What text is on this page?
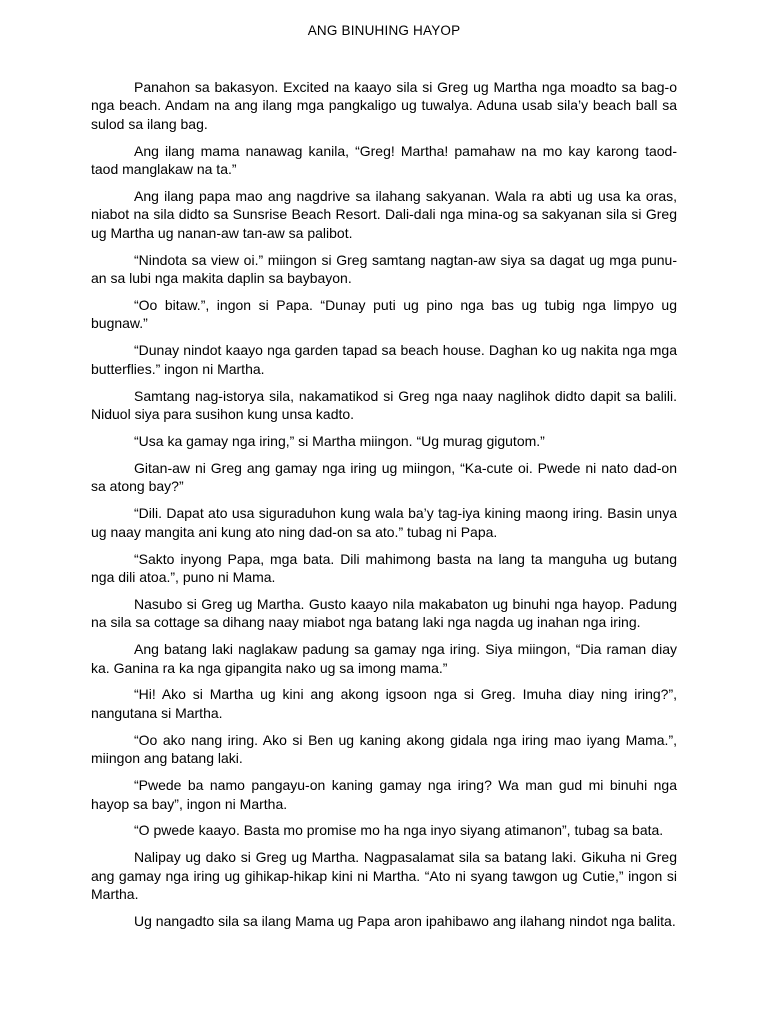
ANG BINUHING HAYOP

Panahon sa bakasyon. Excited na kaayo sila si Greg ug Martha nga moadto sa bag-o nga beach. Andam na ang ilang mga pangkaligo ug tuwalya. Aduna usab sila’y beach ball sa sulod sa ilang bag.

Ang ilang mama nanawag kanila, “Greg! Martha! pamahaw na mo kay karong taod-taod manglakaw na ta.”

Ang ilang papa mao ang nagdrive sa ilahang sakyanan. Wala ra abti ug usa ka oras, niabot na sila didto sa Sunsrise Beach Resort. Dali-dali nga mina-og sa sakyanan sila si Greg ug Martha ug nanan-aw tan-aw sa palibot.

“Nindota sa view oi.” miingon si Greg samtang nagtan-aw siya sa dagat ug mga punu-an sa lubi nga makita daplin sa baybayon.

“Oo bitaw.”, ingon si Papa. “Dunay puti ug pino nga bas ug tubig nga limpyo ug bugnaw.”

“Dunay nindot kaayo nga garden tapad sa beach house. Daghan ko ug nakita nga mga butterflies.” ingon ni Martha.

Samtang nag-istorya sila, nakamatikod si Greg nga naay naglihok didto dapit sa balili. Niduol siya para susihon kung unsa kadto.

“Usa ka gamay nga iring,” si Martha miingon. “Ug murag gigutom.”

Gitan-aw ni Greg ang gamay nga iring ug miingon, “Ka-cute oi. Pwede ni nato dad-on sa atong bay?”

“Dili. Dapat ato usa siguraduhon kung wala ba’y tag-iya kining maong iring. Basin unya ug naay mangita ani kung ato ning dad-on sa ato.” tubag ni Papa.

“Sakto inyong Papa, mga bata. Dili mahimong basta na lang ta manguha ug butang nga dili atoa.”, puno ni Mama.

Nasubo si Greg ug Martha. Gusto kaayo nila makabaton ug binuhi nga hayop. Padung na sila sa cottage sa dihang naay miabot nga batang laki nga nagda ug inahan nga iring.

Ang batang laki naglakaw padung sa gamay nga iring. Siya miingon, “Dia raman diay ka. Ganina ra ka nga gipangita nako ug sa imong mama.”

“Hi! Ako si Martha ug kini ang akong igsoon nga si Greg. Imuha diay ning iring?”, nangutana si Martha.

“Oo ako nang iring. Ako si Ben ug kaning akong gidala nga iring mao iyang Mama.”, miingon ang batang laki.

“Pwede ba namo pangayu-on kaning gamay nga iring? Wa man gud mi binuhi nga hayop sa bay”, ingon ni Martha.

“O pwede kaayo. Basta mo promise mo ha nga inyo siyang atimanon”, tubag sa bata.

Nalipay ug dako si Greg ug Martha. Nagpasalamat sila sa batang laki. Gikuha ni Greg ang gamay nga iring ug gihikap-hikap kini ni Martha. “Ato ni syang tawgon ug Cutie,” ingon si Martha.

Ug nangadto sila sa ilang Mama ug Papa aron ipahibawo ang ilahang nindot nga balita.
